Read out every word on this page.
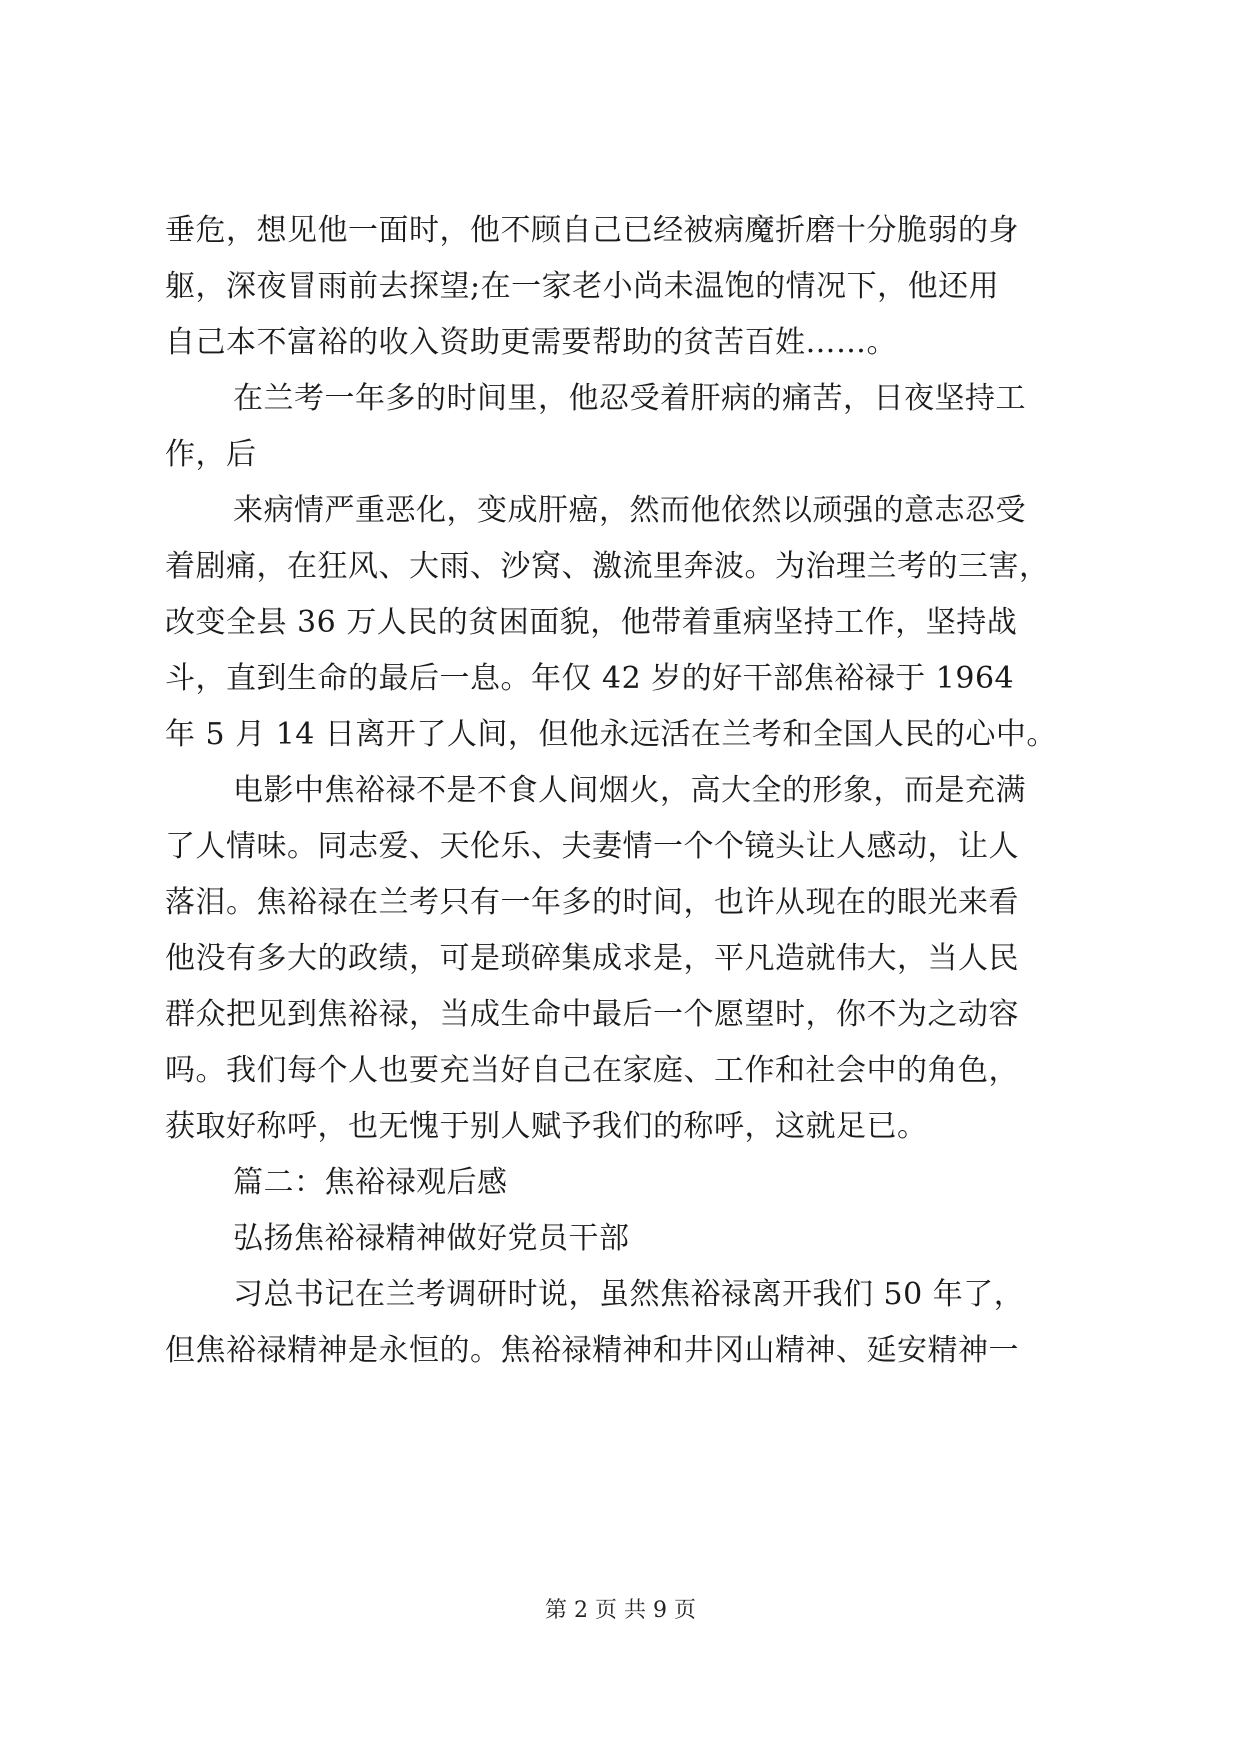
垂危，想见他一面时，他不顾自己已经被病魔折磨十分脆弱的身
躯，深夜冒雨前去探望;在一家老小尚未温饱的情况下，他还用
自己本不富裕的收入资助更需要帮助的贫苦百姓……。
在兰考一年多的时间里，他忍受着肝病的痛苦，日夜坚持工
作，后
来病情严重恶化，变成肝癌，然而他依然以顽强的意志忍受
着剧痛，在狂风、大雨、沙窝、激流里奔波。为治理兰考的三害，
改变全县 36 万人民的贫困面貌，他带着重病坚持工作，坚持战
斗，直到生命的最后一息。年仅 42 岁的好干部焦裕禄于 1964
年 5 月 14 日离开了人间，但他永远活在兰考和全国人民的心中。
电影中焦裕禄不是不食人间烟火，高大全的形象，而是充满
了人情味。同志爱、天伦乐、夫妻情一个个镜头让人感动，让人
落泪。焦裕禄在兰考只有一年多的时间，也许从现在的眼光来看
他没有多大的政绩，可是琐碎集成求是，平凡造就伟大，当人民
群众把见到焦裕禄，当成生命中最后一个愿望时，你不为之动容
吗。我们每个人也要充当好自己在家庭、工作和社会中的角色，
获取好称呼，也无愧于别人赋予我们的称呼，这就足已。
篇二：焦裕禄观后感
弘扬焦裕禄精神做好党员干部
习总书记在兰考调研时说，虽然焦裕禄离开我们 50 年了，
但焦裕禄精神是永恒的。焦裕禄精神和井冈山精神、延安精神一
第 2 页 共 9 页
